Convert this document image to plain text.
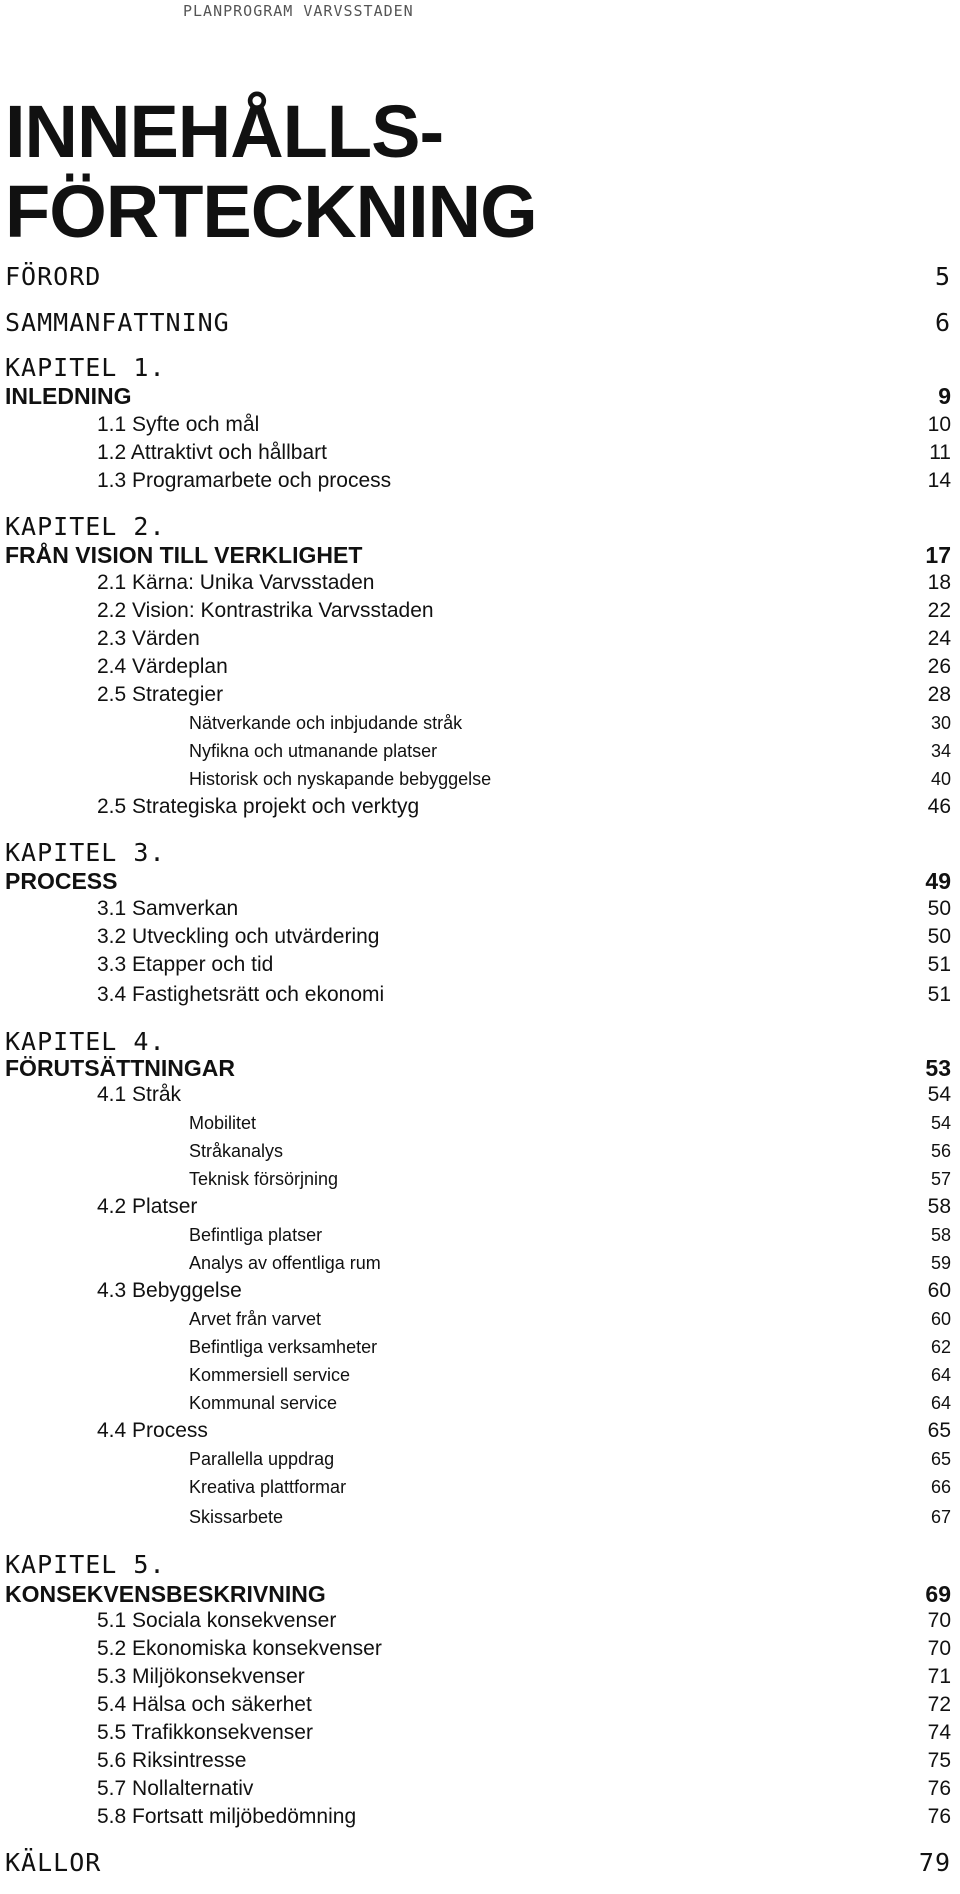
PLANPROGRAM VARVSSTADEN
INNEHÅLLS-
FÖRTECKNING
FÖRORD	5
SAMMANFATTNING	6
KAPITEL 1.
INLEDNING	9
1.1 Syfte och mål	10
1.2 Attraktivt och hållbart	11
1.3 Programarbete och process	14
KAPITEL 2.
FRÅN VISION TILL VERKLIGHET	17
2.1 Kärna: Unika Varvsstaden	18
2.2 Vision: Kontrastrika Varvsstaden	22
2.3 Värden	24
2.4 Värdeplan	26
2.5 Strategier	28
Nätverkande och inbjudande stråk	30
Nyfikna och utmanande platser	34
Historisk och nyskapande bebyggelse	40
2.5 Strategiska projekt och verktyg	46
KAPITEL 3.
PROCESS	49
3.1 Samverkan	50
3.2 Utveckling och utvärdering	50
3.3 Etapper och tid	51
3.4 Fastighetsrätt och ekonomi	51
KAPITEL 4.
FÖRUTSÄTTNINGAR	53
4.1 Stråk	54
Mobilitet	54
Stråkanalys	56
Teknisk försörjning	57
4.2 Platser	58
Befintliga platser	58
Analys av offentliga rum	59
4.3 Bebyggelse	60
Arvet från varvet	60
Befintliga verksamheter	62
Kommersiell service	64
Kommunal service	64
4.4 Process	65
Parallella uppdrag	65
Kreativa plattformar	66
Skissarbete	67
KAPITEL 5.
KONSEKVENSBESKRIVNING	69
5.1 Sociala konsekvenser	70
5.2 Ekonomiska konsekvenser	70
5.3 Miljökonsekvenser	71
5.4 Hälsa och säkerhet	72
5.5 Trafikkonsekvenser	74
5.6 Riksintresse	75
5.7 Nollalternativ	76
5.8 Fortsatt miljöbedömning	76
KÄLLOR	79
